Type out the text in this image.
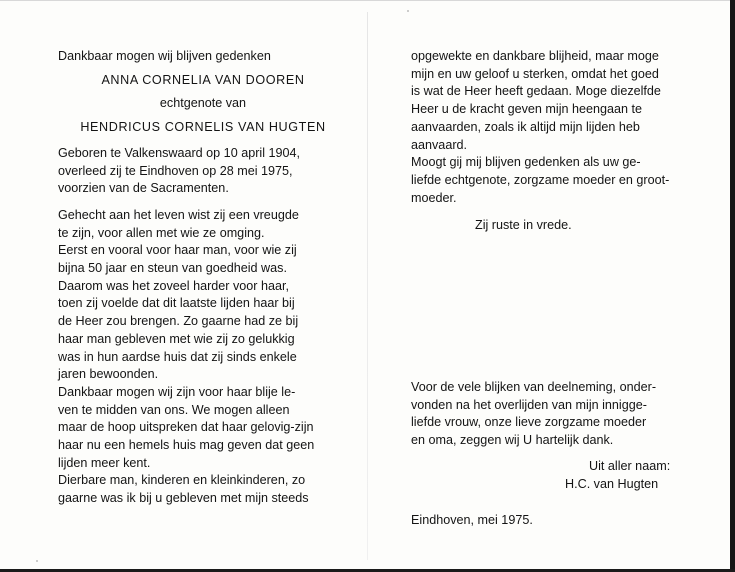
Dankbaar mogen wij blijven gedenken

ANNA CORNELIA VAN DOOREN

echtgenote van

HENDRICUS CORNELIS VAN HUGTEN

Geboren te Valkenswaard op 10 april 1904,

overleed zij te Eindhoven op 28 mei 1975,

voorzien van de Sacramenten.

Gehecht aan het leven wist zij een vreugde

te zijn, voor allen met wie ze omging.

Eerst en vooral voor haar man, voor wie zij

bijna 50 jaar en steun van goedheid was.

Daarom was het zoveel harder voor haar,

toen zij voelde dat dit laatste lijden haar bij

de Heer zou brengen. Zo gaarne had ze bij

haar man gebleven met wie zij zo gelukkig

was in hun aardse huis dat zij sinds enkele

jaren bewoonden.

Dankbaar mogen wij zijn voor haar blije le-

ven te midden van ons. We mogen alleen

maar de hoop uitspreken dat haar gelovig-zijn

haar nu een hemels huis mag geven dat geen

lijden meer kent.

Dierbare man, kinderen en kleinkinderen, zo

gaarne was ik bij u gebleven met mijn steeds

opgewekte en dankbare blijheid, maar moge

mijn en uw geloof u sterken, omdat het goed

is wat de Heer heeft gedaan. Moge diezelfde

Heer u de kracht geven mijn heengaan te

aanvaarden, zoals ik altijd mijn lijden heb

aanvaard.

Moogt gij mij blijven gedenken als uw ge-

liefde echtgenote, zorgzame moeder en groot-

moeder.

Zij ruste in vrede.

Voor de vele blijken van deelneming, onder-

vonden na het overlijden van mijn innigge-

liefde vrouw, onze lieve zorgzame moeder

en oma, zeggen wij U hartelijk dank.

Uit aller naam:

H.C. van Hugten

Eindhoven, mei 1975.
